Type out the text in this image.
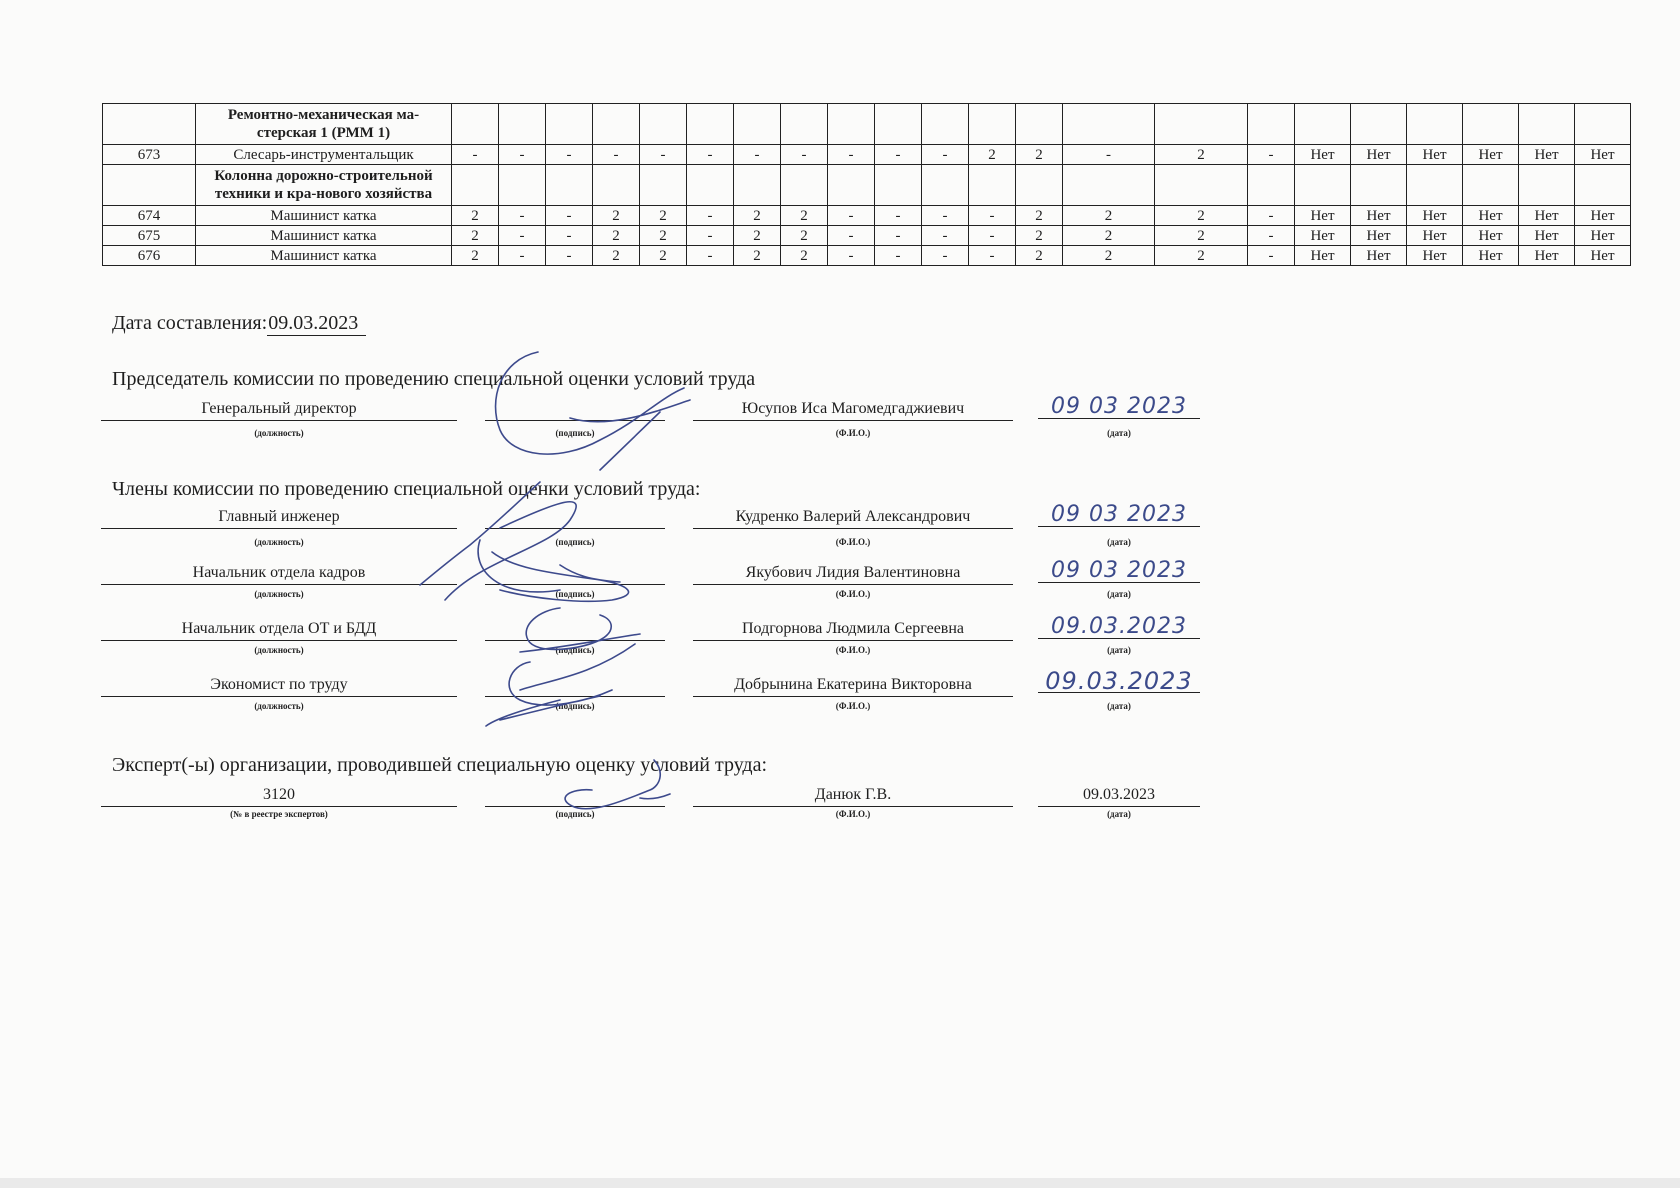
	Ремонтно-механическая ма-стерская 1 (РММ 1)																						
673	Слесарь-инструментальщик	-	-	-	-	-	-	-	-	-	-	-	2	2	-	2	-	Нет	Нет	Нет	Нет	Нет	Нет
	Колонна дорожно-строительной техники и кра-нового хозяйства																						
674	Машинист катка	2	-	-	2	2	-	2	2	-	-	-	-	2	2	2	-	Нет	Нет	Нет	Нет	Нет	Нет
675	Машинист катка	2	-	-	2	2	-	2	2	-	-	-	-	2	2	2	-	Нет	Нет	Нет	Нет	Нет	Нет
676	Машинист катка	2	-	-	2	2	-	2	2	-	-	-	-	2	2	2	-	Нет	Нет	Нет	Нет	Нет	Нет
Дата составления:09.03.2023
Председатель комиссии по проведению специальной оценки условий труда
Генеральный директор
(должность)	(подпись)
Юсупов Иса Магомедгаджиевич
(Ф.И.О.)
09 03 2023
(дата)
Члены комиссии по проведению специальной оценки условий труда:
Главный инженер
(должность)	(подпись)
Кудренко Валерий Александрович
(Ф.И.О.)
09 03 2023
(дата)
Начальник отдела кадров
(должность)	(подпись)
Якубович Лидия Валентиновна
(Ф.И.О.)
09 03 2023
(дата)
Начальник отдела ОТ и БДД
(должность)	(подпись)
Подгорнова Людмила Сергеевна
(Ф.И.О.)
09.03.2023
(дата)
Экономист по труду
(должность)	(подпись)
Добрынина Екатерина Викторовна
(Ф.И.О.)
09.03.2023
(дата)
Эксперт(-ы) организации, проводившей специальную оценку условий труда:
3120
(№ в реестре экспертов)	(подпись)
Данюк Г.В.
(Ф.И.О.)
09.03.2023
(дата)
